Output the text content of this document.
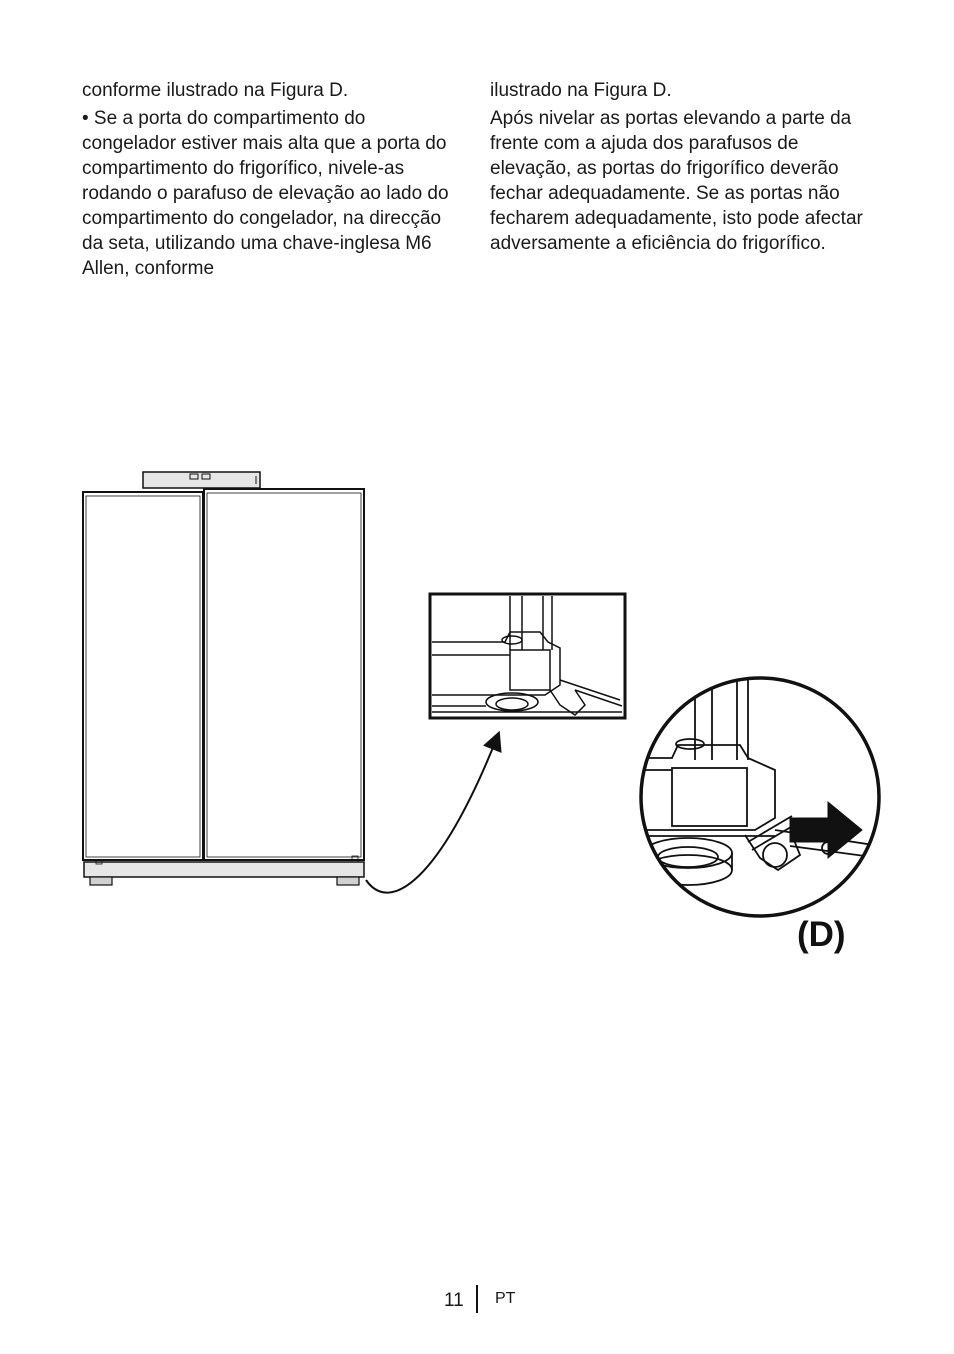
conforme ilustrado na Figura D.

• Se a porta do compartimento do congelador estiver mais alta que a porta do compartimento do frigorífico, nivele-as rodando o parafuso de elevação ao lado do compartimento do congelador, na direcção da seta, utilizando uma chave-inglesa M6 Allen, conforme

ilustrado na Figura D.

Após nivelar as portas elevando a parte da frente com a ajuda dos parafusos de elevação, as portas do frigorífico deverão fechar adequadamente. Se as portas não fecharem adequadamente, isto pode afectar adversamente a eficiência do frigorífico.

(D)
11 PT
